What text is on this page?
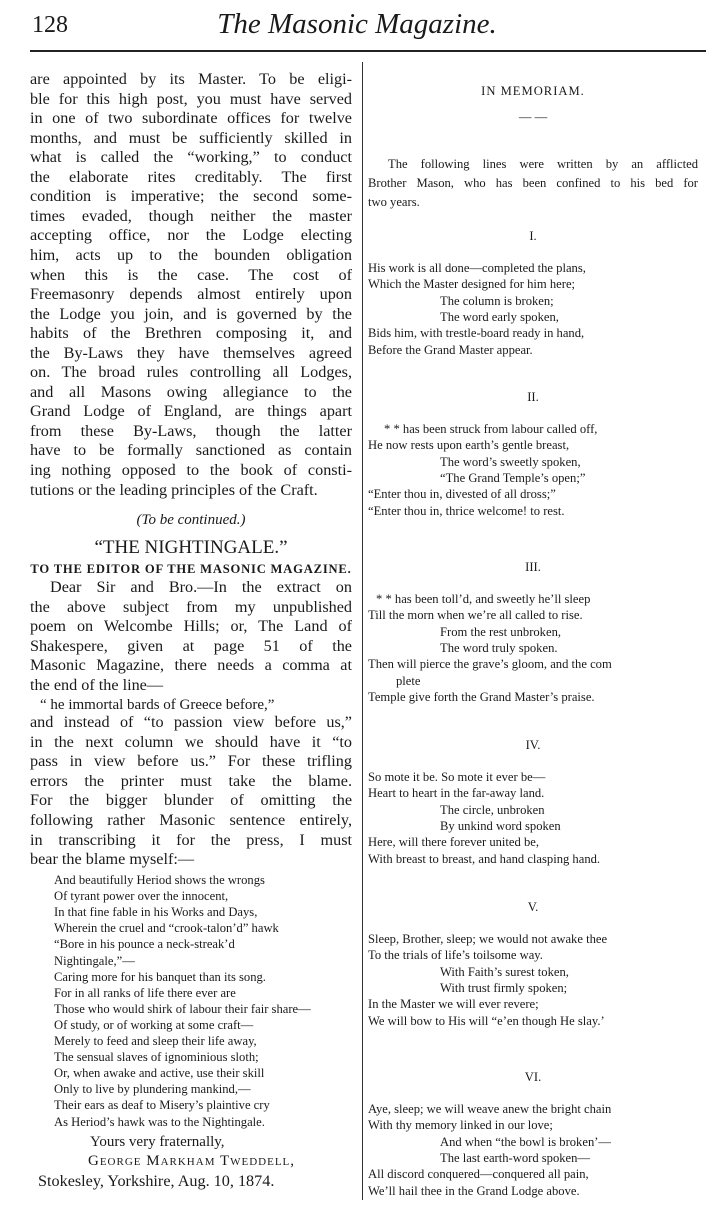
128	The Masonic Magazine.
are appointed by its Master. To be eligi-
ble for this high post, you must have served
in one of two subordinate offices for twelve
months, and must be sufficiently skilled in
what is called the “working,” to conduct
the elaborate rites creditably. The first
condition is imperative; the second some-
times evaded, though neither the master
accepting office, nor the Lodge electing
him, acts up to the bounden obligation
when this is the case. The cost of
Freemasonry depends almost entirely upon
the Lodge you join, and is governed by the
habits of the Brethren composing it, and
the By-Laws they have themselves agreed
on. The broad rules controlling all Lodges,
and all Masons owing allegiance to the
Grand Lodge of England, are things apart
from these By-Laws, though the latter
have to be formally sanctioned as contain
ing nothing opposed to the book of consti-
tutions or the leading principles of the Craft.
(To be continued.)
“THE NIGHTINGALE.”
TO THE EDITOR OF THE MASONIC MAGAZINE.
Dear Sir and Bro.—In the extract on
the above subject from my unpublished
poem on Welcombe Hills; or, The Land of
Shakespere, given at page 51 of the
Masonic Magazine, there needs a comma at
the end of the line—
“ he immortal bards of Greece before,”
and instead of “to passion view before us,”
in the next column we should have it “to
pass in view before us.” For these trifling
errors the printer must take the blame.
For the bigger blunder of omitting the
following rather Masonic sentence entirely,
in transcribing it for the press, I must
bear the blame myself:—
And beautifully Heriod shows the wrongs
Of tyrant power over the innocent,
In that fine fable in his Works and Days,
Wherein the cruel and “crook-talon’d” hawk
“Bore in his pounce a neck-streak’d
Nightingale,”—
Caring more for his banquet than its song.
For in all ranks of life there ever are
Those who would shirk of labour their fair share—
Of study, or of working at some craft—
Merely to feed and sleep their life away,
The sensual slaves of ignominious sloth;
Or, when awake and active, use their skill
Only to live by plundering mankind,—
Their ears as deaf to Misery’s plaintive cry
As Heriod’s hawk was to the Nightingale.
Yours very fraternally,
George Markham Tweddell,
Stokesley, Yorkshire, Aug. 10, 1874.
IN MEMORIAM.
— —
The following lines were written by an afflicted
Brother Mason, who has been confined to his bed for
two years.
I.
His work is all done—completed the plans,
Which the Master designed for him here;
The column is broken;
The word early spoken,
Bids him, with trestle-board ready in hand,
Before the Grand Master appear.
II.
* * has been struck from labour called off,
He now rests upon earth’s gentle breast,
The word’s sweetly spoken,
“The Grand Temple’s open;”
“Enter thou in, divested of all dross;”
“Enter thou in, thrice welcome! to rest.
III.
* * has been toll’d, and sweetly he’ll sleep
Till the morn when we’re all called to rise.
From the rest unbroken,
The word truly spoken.
Then will pierce the grave’s gloom, and the com
plete
Temple give forth the Grand Master’s praise.
IV.
So mote it be. So mote it ever be—
Heart to heart in the far-away land.
The circle, unbroken
By unkind word spoken
Here, will there forever united be,
With breast to breast, and hand clasping hand.
V.
Sleep, Brother, sleep; we would not awake thee
To the trials of life’s toilsome way.
With Faith’s surest token,
With trust firmly spoken;
In the Master we will ever revere;
We will bow to His will “e’en though He slay.’
VI.
Aye, sleep; we will weave anew the bright chain
With thy memory linked in our love;
And when “the bowl is broken’—
The last earth-word spoken—
All discord conquered—conquered all pain,
We’ll hail thee in the Grand Lodge above.
